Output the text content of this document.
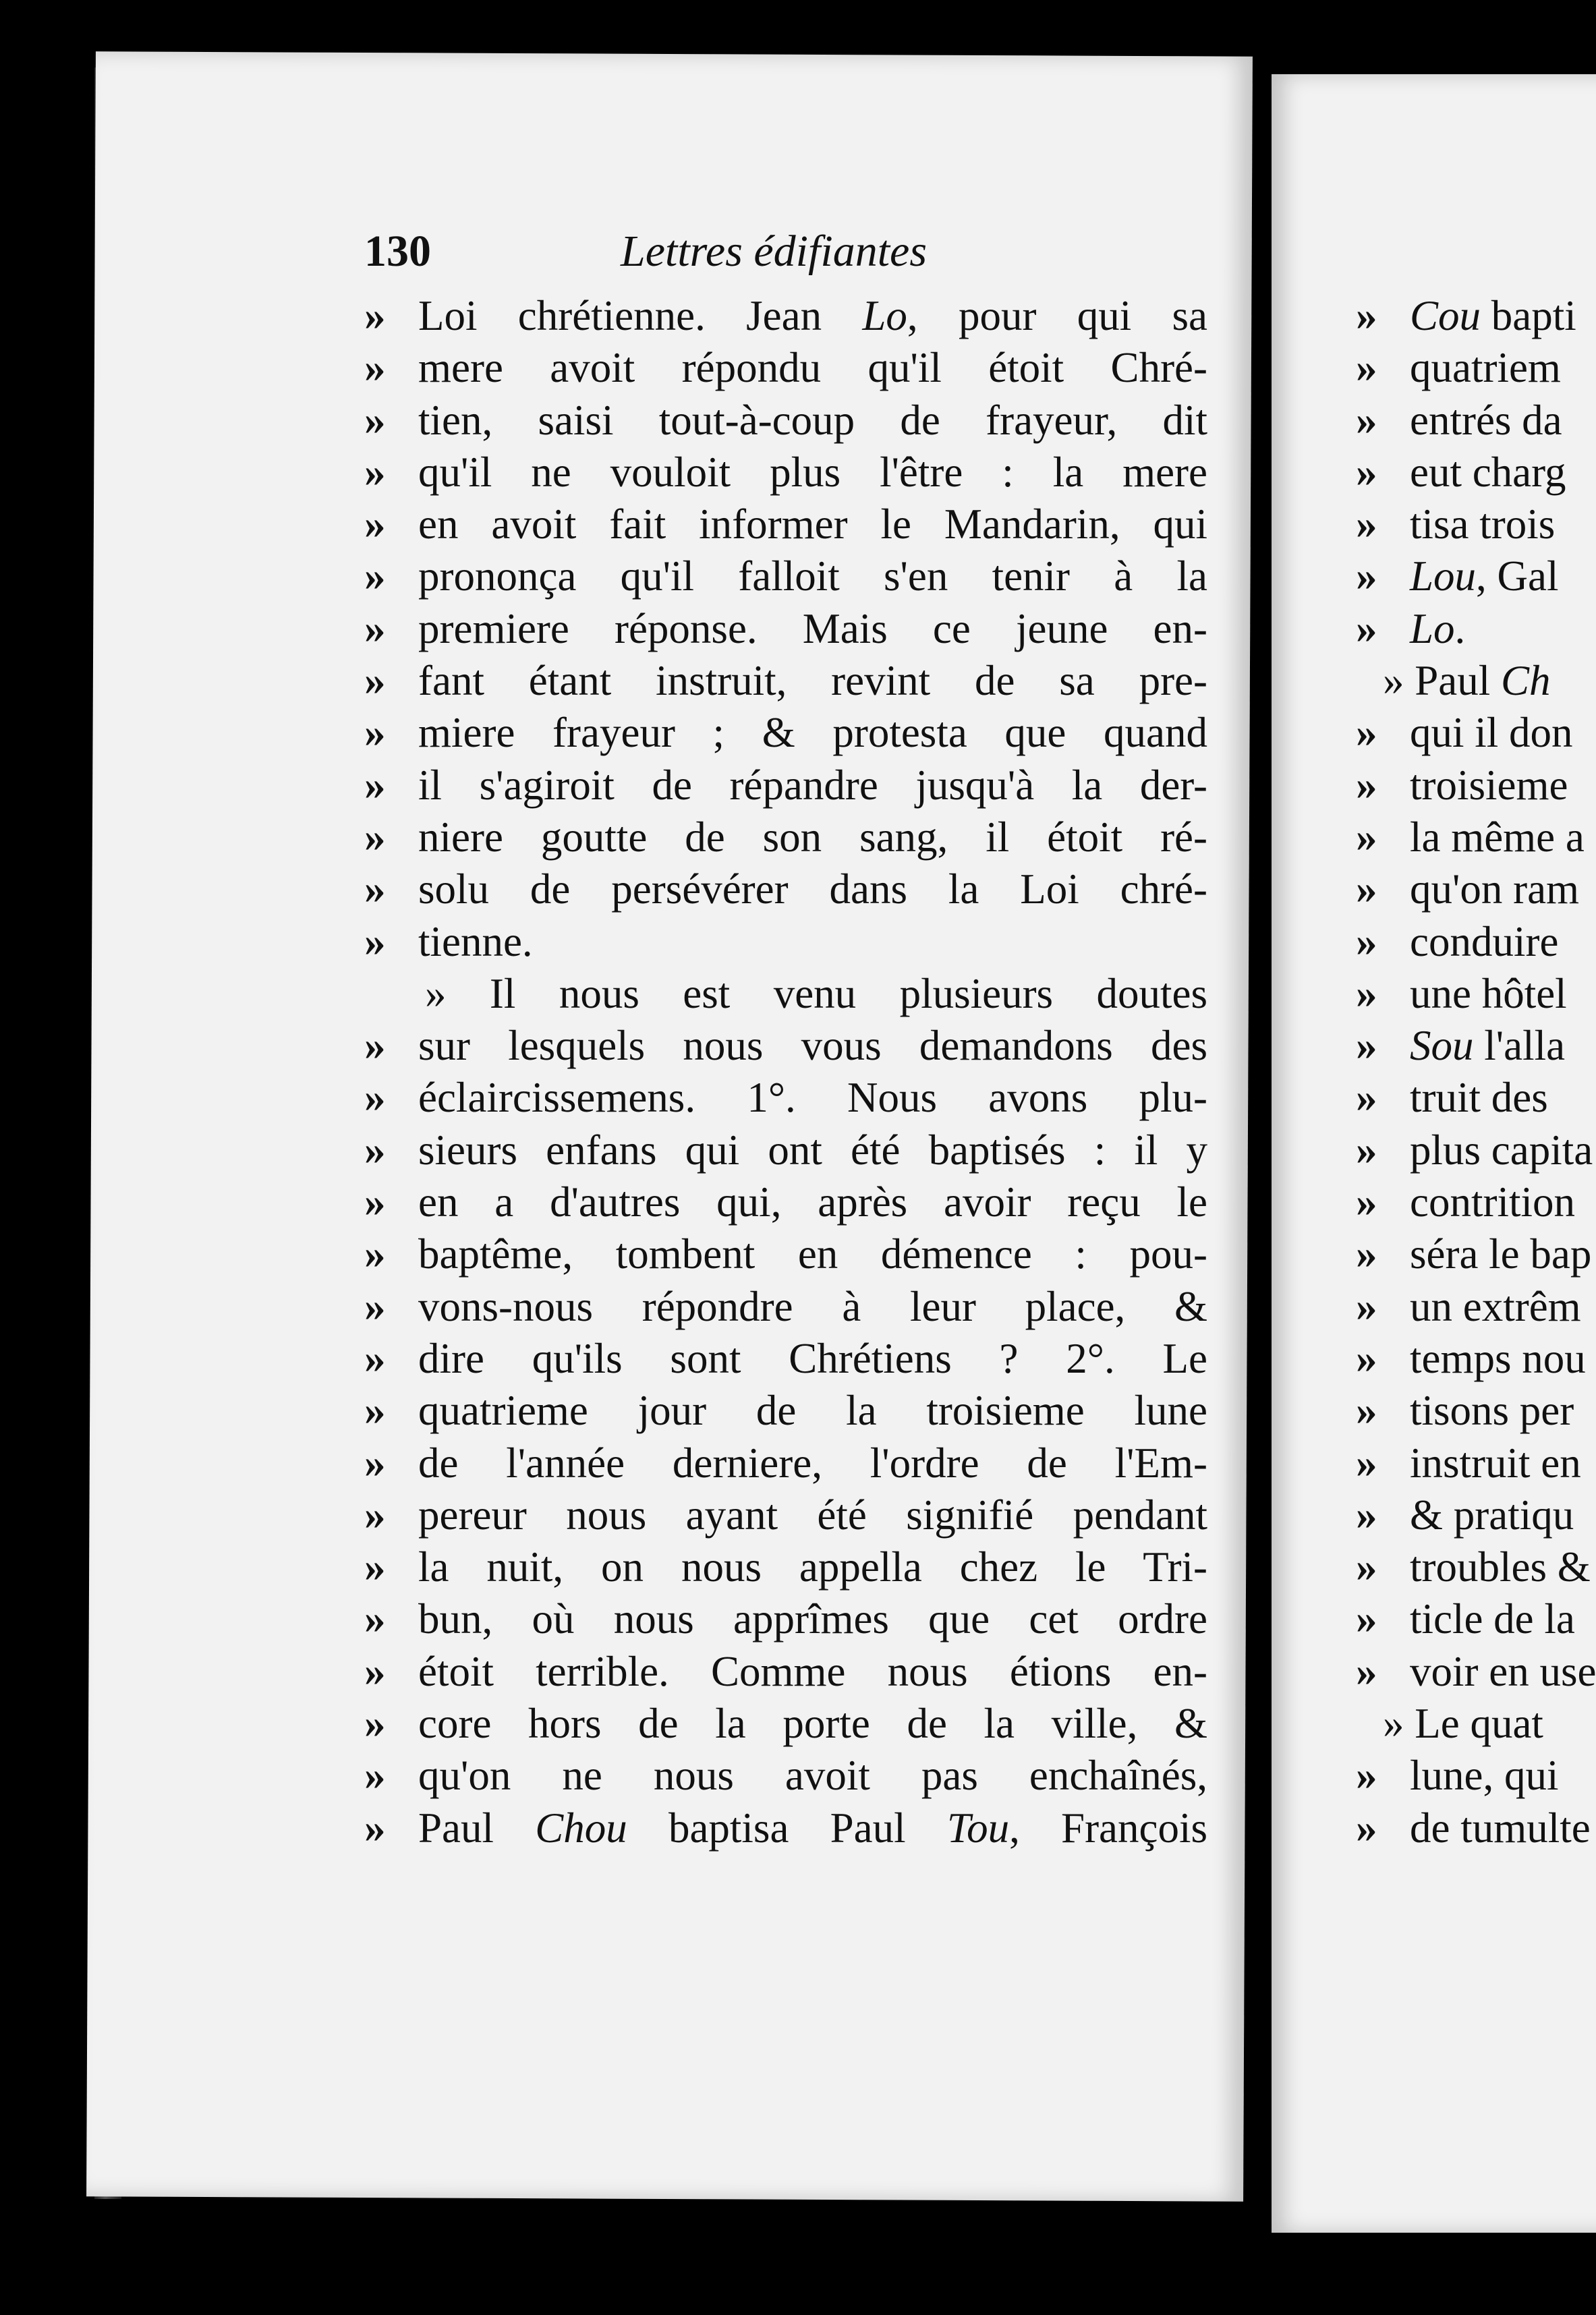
130	Lettres édifiantes
» Loi chrétienne. Jean Lo, pour qui sa
» mere avoit répondu qu'il étoit Chré-
» tien, saisi tout-à-coup de frayeur, dit
» qu'il ne vouloit plus l'être : la mere
» en avoit fait informer le Mandarin, qui
» prononça qu'il falloit s'en tenir à la
» premiere réponse. Mais ce jeune en-
» fant étant instruit, revint de sa pre-
» miere frayeur ; & protesta que quand
» il s'agiroit de répandre jusqu'à la der-
» niere goutte de son sang, il étoit ré-
» solu de persévérer dans la Loi chré-
» tienne.
» Il nous est venu plusieurs doutes
» sur lesquels nous vous demandons des
» éclaircissemens. 1°. Nous avons plu-
» sieurs enfans qui ont été baptisés : il y
» en a d'autres qui, après avoir reçu le
» baptême, tombent en démence : pou-
» vons-nous répondre à leur place, &
» dire qu'ils sont Chrétiens ? 2°. Le
» quatrieme jour de la troisieme lune
» de l'année derniere, l'ordre de l'Em-
» pereur nous ayant été signifié pendant
» la nuit, on nous appella chez le Tri-
» bun, où nous apprîmes que cet ordre
» étoit terrible. Comme nous étions en-
» core hors de la porte de la ville, &
» qu'on ne nous avoit pas enchaînés,
» Paul Chou baptisa Paul Tou, François
» Cou bapti
» quatriem
» entrés da
» eut charg
» tisa trois
» Lou, Gal
» Lo.
» Paul Ch
» qui il don
» troisieme
» la même a
» qu'on ram
» conduire
» une hôtel
» Sou l'alla
» truit des
» plus capita
» contrition
» séra le bap
» un extrêm
» temps nou
» tisons per
» instruit en
» & pratiqu
» troubles &
» ticle de la
» voir en use
» Le quat
» lune, qui
» de tumulte
